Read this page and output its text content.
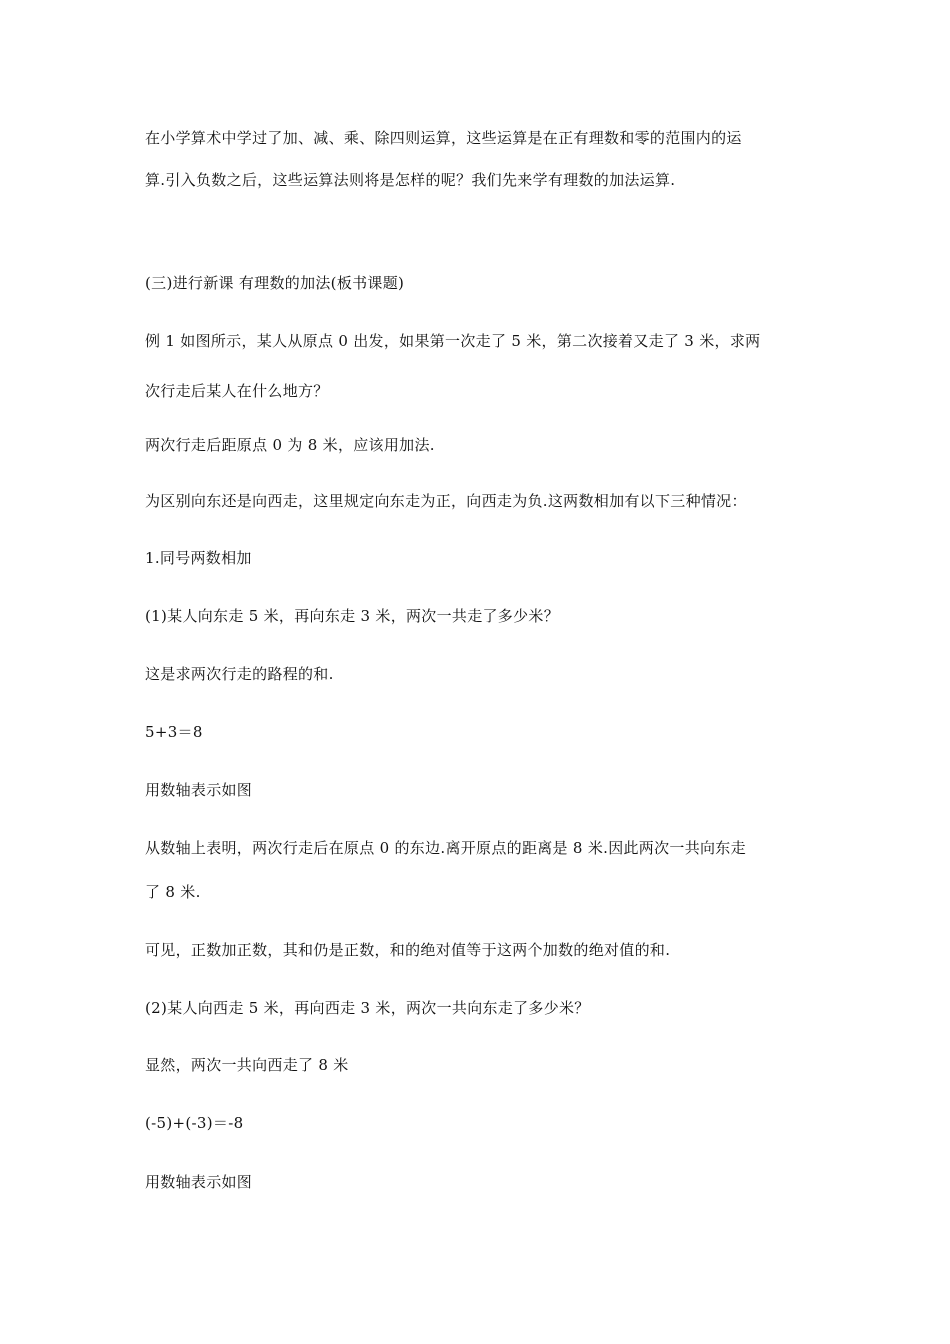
在小学算术中学过了加、减、乘、除四则运算，这些运算是在正有理数和零的范围内的运
算.引入负数之后，这些运算法则将是怎样的呢？我们先来学有理数的加法运算.
(三)进行新课 有理数的加法(板书课题)
例 1 如图所示，某人从原点 0 出发，如果第一次走了 5 米，第二次接着又走了 3 米，求两
次行走后某人在什么地方？
两次行走后距原点 0 为 8 米，应该用加法.
为区别向东还是向西走，这里规定向东走为正，向西走为负.这两数相加有以下三种情况：
1.同号两数相加
(1)某人向东走 5 米，再向东走 3 米，两次一共走了多少米？
这是求两次行走的路程的和.
5+3＝8
用数轴表示如图
从数轴上表明，两次行走后在原点 0 的东边.离开原点的距离是 8 米.因此两次一共向东走
了 8 米.
可见，正数加正数，其和仍是正数，和的绝对值等于这两个加数的绝对值的和.
(2)某人向西走 5 米，再向西走 3 米，两次一共向东走了多少米？
显然，两次一共向西走了 8 米
(-5)+(-3)＝-8
用数轴表示如图
